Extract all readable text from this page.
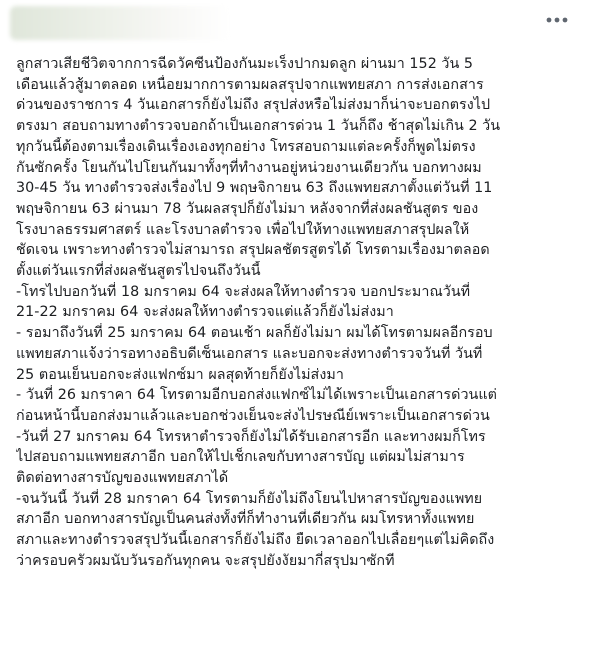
ลูกสาวเสียชีวิตจากการฉีดวัคซีนป้องกันมะเร็งปากมดลูก ผ่านมา 152 วัน 5

เดือนแล้วสู้มาตลอด เหนื่อยมากการตามผลสรุปจากแพทยสภา การส่งเอกสาร

ด่วนของราชการ 4 วันเอกสารก็ยังไม่ถึง สรุปส่งหรือไม่ส่งมาก็น่าจะบอกตรงไป

ตรงมา สอบถามทางตำรวจบอกถ้าเป็นเอกสารด่วน 1 วันก็ถึง ช้าสุดไม่เกิน 2 วัน

ทุกวันนี้ต้องตามเรื่องเดินเรื่องเองทุกอย่าง โทรสอบถามแต่ละครั้งก็พูดไม่ตรง

กันซักครั้ง โยนกันไปโยนกันมาทั้งๆที่ทำงานอยู่หน่วยงานเดียวกัน บอกทางผม

30-45 วัน ทางตำรวจส่งเรื่องไป 9 พฤษจิกายน 63 ถึงแพทยสภาตั้งแต่วันที่ 11

พฤษจิกายน 63 ผ่านมา 78 วันผลสรุปก็ยังไม่มา หลังจากที่ส่งผลชันสูตร ของ

โรงบาลธรรมศาสตร์ และโรงบาลตำรวจ เพื่อไปให้ทางแพทยสภาสรุปผลให้

ชัดเจน เพราะทางตำรวจไม่สามารถ สรุปผลชัตรสูตรได้ โทรตามเรื่องมาตลอด

ตั้งแต่วันแรกที่ส่งผลชันสูตรไปจนถึงวันนี้

-โทรไปบอกวันที่ 18 มกราคม 64 จะส่งผลให้ทางตำรวจ บอกประมาณวันที่

21-22 มกราคม 64 จะส่งผลให้ทางตำรวจแต่แล้วก็ยังไม่ส่งมา

- รอมาถึงวันที่ 25 มกราคม 64 ตอนเช้า ผลก็ยังไม่มา ผมได้โทรตามผลอีกรอบ

แพทยสภาแจ้งว่ารอทางอธิบดีเซ็นเอกสาร และบอกจะส่งทางตำรวจวันที่ วันที่

25 ตอนเย็นบอกจะส่งแฟกซ์มา ผลสุดท้ายก็ยังไม่ส่งมา

- วันที่ 26 มกราคา 64 โทรตามอีกบอกส่งแฟกซ์ไม่ได้เพราะเป็นเอกสารด่วนแต่

ก่อนหน้านี้บอกส่งมาแล้วและบอกช่วงเย็นจะส่งไปรษณีย์เพราะเป็นเอกสารด่วน

-วันที่ 27 มกราคม 64 โทรหาตำรวจก็ยังไม่ได้รับเอกสารอีก และทางผมก็โทร

ไปสอบถามแพทยสภาอีก บอกให้ไปเช็กเลขกับทางสารบัญ แต่ผมไม่สามาร

ติดต่อทางสารบัญของแพทยสภาได้

-จนวันนี้ วันที่ 28 มกราคา 64 โทรตามก็ยังไม่ถึงโยนไปหาสารบัญของแพทย

สภาอีก บอกทางสารบัญเป็นคนส่งทั้งที่ก็ทำงานที่เดียวกัน ผมโทรหาทั้งแพทย

สภาและทางตำรวจสรุปวันนี้เอกสารก็ยังไม่ถึง ยืดเวลาออกไปเลื่อยๆแต่ไม่คิดถึง

ว่าครอบครัวผมนับวันรอกันทุกคน จะสรุปยังงัยมากี่สรุปมาซักที
